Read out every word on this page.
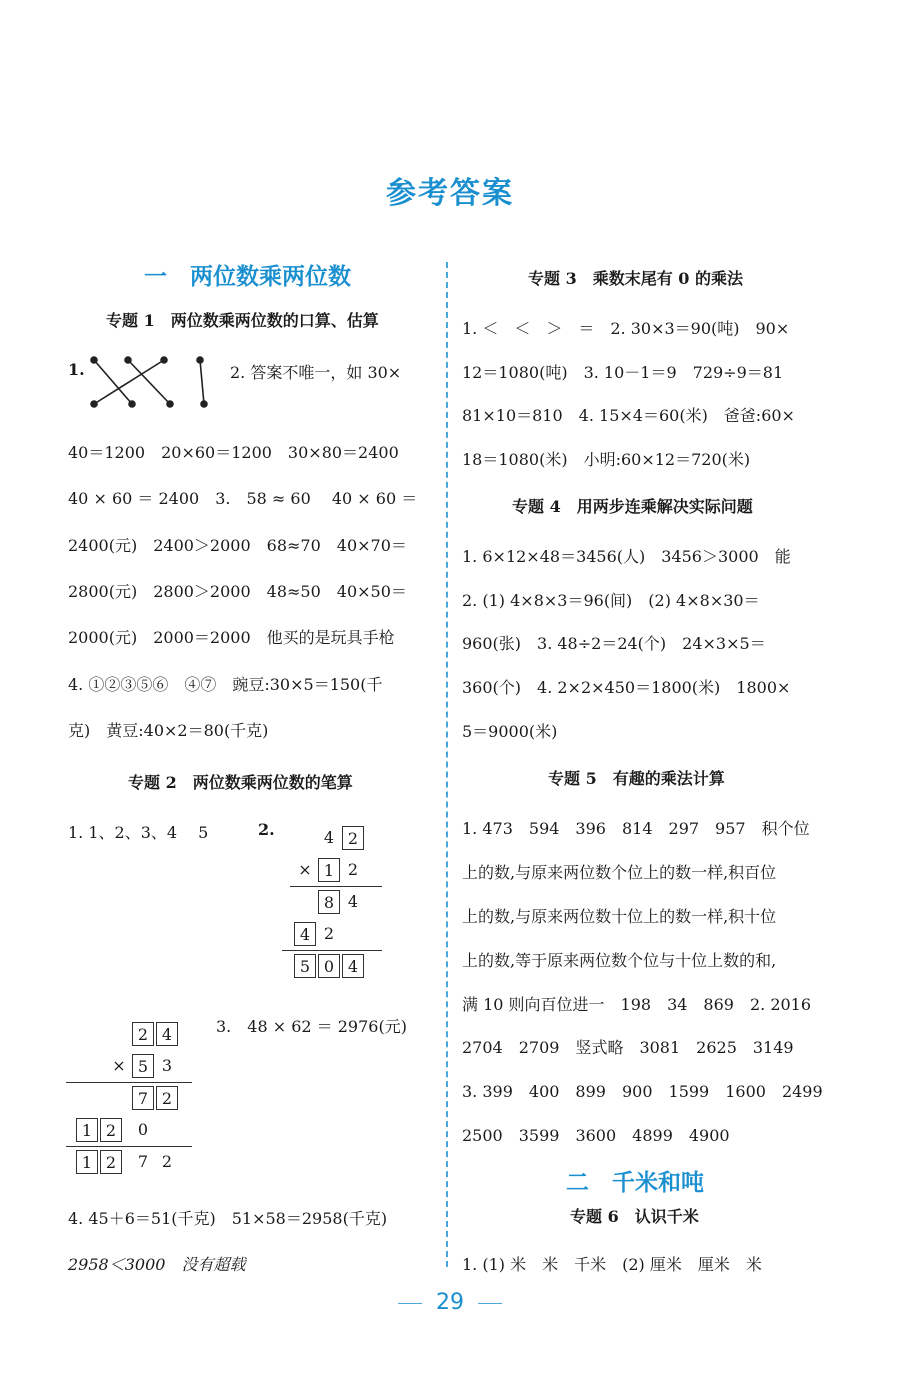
参考答案
一　两位数乘两位数
专题 1　两位数乘两位数的口算、估算
1.	2. 答案不唯一，如 30×
40＝1200　20×60＝1200　30×80＝2400
40 × 60 ＝ 2400　3.　58 ≈ 60　 40 × 60 ＝
2400(元)　2400＞2000　68≈70　40×70＝
2800(元)　2800＞2000　48≈50　40×50＝
2000(元)　2000＝2000　他买的是玩具手枪
4. ①②③⑤⑥　④⑦　豌豆:30×5＝150(千
克)　黄豆:40×2＝80(千克)
专题 2　两位数乘两位数的笔算
1. 1、2、3、4　 5	2.	4 2
× 1 2
8 4
4 2
5 0 4
2 4
× 5 3
7 2
1 2	0
1 2	7 2
3.　48 × 62 ＝ 2976(元)
4. 45＋6＝51(千克)　51×58＝2958(千克)
2958＜3000　没有超载
专题 3　乘数末尾有 0 的乘法
1. ＜　＜　＞　＝　2. 30×3＝90(吨)　90×
12＝1080(吨)　3. 10－1＝9　729÷9＝81
81×10＝810　4. 15×4＝60(米)　爸爸:60×
18＝1080(米)　小明:60×12＝720(米)
专题 4　用两步连乘解决实际问题
1. 6×12×48＝3456(人)　3456＞3000　能
2. (1) 4×8×3＝96(间)　(2) 4×8×30＝
960(张)　3. 48÷2＝24(个)　24×3×5＝
360(个)　4. 2×2×450＝1800(米)　1800×
5＝9000(米)
专题 5　有趣的乘法计算
1. 473　594　396　814　297　957　积个位
上的数,与原来两位数个位上的数一样,积百位
上的数,与原来两位数十位上的数一样,积十位
上的数,等于原来两位数个位与十位上数的和,
满 10 则向百位进一　198　34　869　2. 2016
2704　2709　竖式略　3081　2625　3149
3. 399　400　899　900　1599　1600　2499
2500　3599　3600　4899　4900
二　千米和吨
专题 6　认识千米
1. (1) 米　米　千米　(2) 厘米　厘米　米
29
